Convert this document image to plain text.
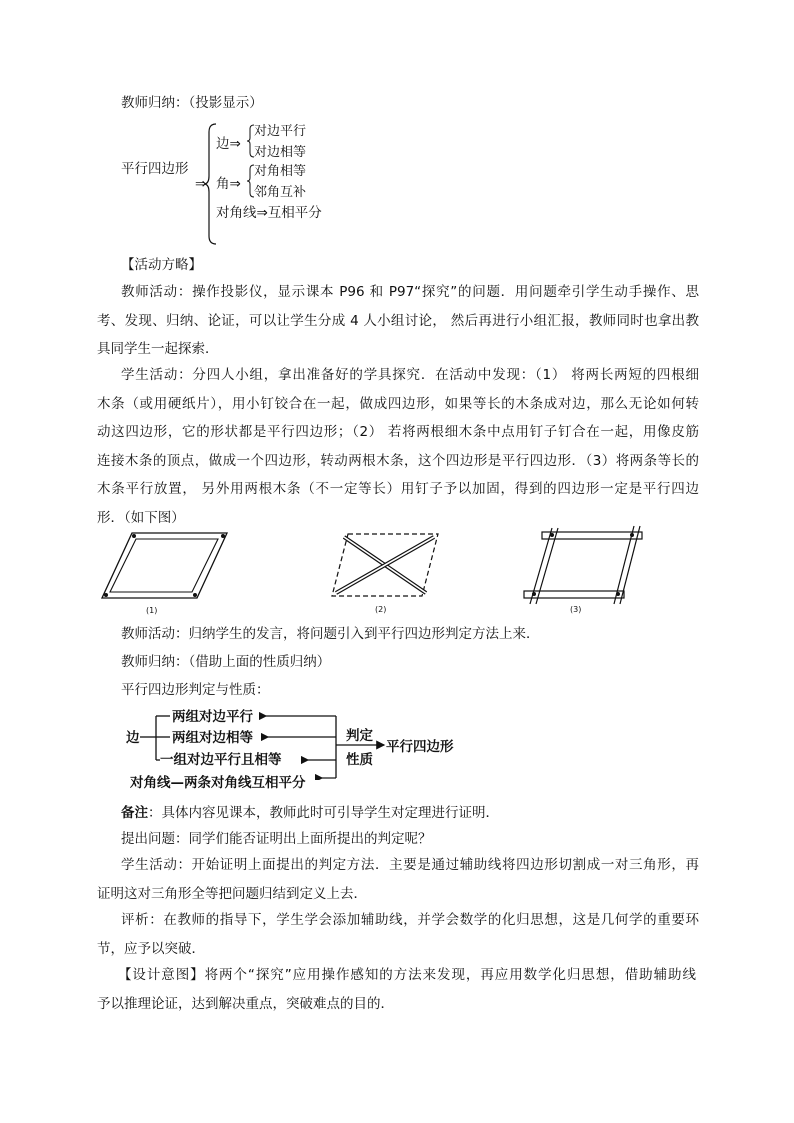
教师归纳：（投影显示）
平行四边形
⇒
边⇒
对边平行
对边相等
角⇒
对角相等
邻角互补
对角线⇒互相平分
【活动方略】
教师活动：操作投影仪，显示课本 P96 和 P97“探究”的问题．用问题牵引学生动手操作、思
考、发现、归纳、论证，可以让学生分成 4 人小组讨论， 然后再进行小组汇报，教师同时也拿出教
具同学生一起探索．
学生活动：分四人小组，拿出准备好的学具探究．在活动中发现：（1） 将两长两短的四根细
木条（或用硬纸片），用小钉铰合在一起，做成四边形，如果等长的木条成对边，那么无论如何转
动这四边形，它的形状都是平行四边形；（2） 若将两根细木条中点用钉子钉合在一起，用像皮筋
连接木条的顶点，做成一个四边形，转动两根木条，这个四边形是平行四边形．（3）将两条等长的
木条平行放置， 另外用两根木条（不一定等长）用钉子予以加固，得到的四边形一定是平行四边
形．（如下图）
(1)	(2)	(3)
教师活动：归纳学生的发言，将问题引入到平行四边形判定方法上来．
教师归纳：（借助上面的性质归纳）
平行四边形判定与性质：
边
两组对边平行
两组对边相等
一组对边平行且相等
判定
性质
平行四边形
对角线—两条对角线互相平分
备注：具体内容见课本，教师此时可引导学生对定理进行证明．
提出问题：同学们能否证明出上面所提出的判定呢？
学生活动：开始证明上面提出的判定方法．主要是通过辅助线将四边形切割成一对三角形，再
证明这对三角形全等把问题归结到定义上去．
评析：在教师的指导下，学生学会添加辅助线，并学会数学的化归思想，这是几何学的重要环
节，应予以突破．
【设计意图】将两个“探究”应用操作感知的方法来发现，再应用数学化归思想，借助辅助线
予以推理论证，达到解决重点，突破难点的目的．
